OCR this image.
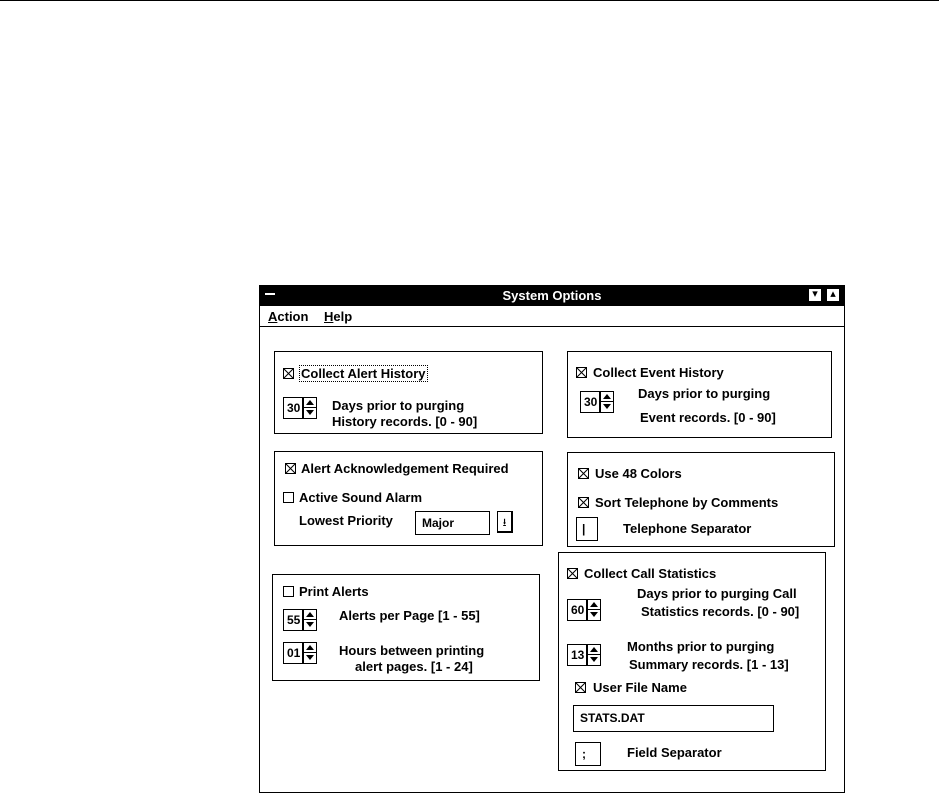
System Options	▾ ▴
Action Help
Collect Alert History
30 Days prior to purging
History records. [0 - 90]
Collect Event History
30
Days prior to purging
Event records. [0 - 90]
Alert Acknowledgement Required
Active Sound Alarm
Lowest Priority	Major	⭳
Use 48 Colors
Sort Telephone by Comments
|	Telephone Separator
Print Alerts
55	Alerts per Page [1 - 55]
01	Hours between printing
alert pages. [1 - 24]
Collect Call Statistics
60
Days prior to purging Call
Statistics records. [0 - 90]
13
Months prior to purging
Summary records. [1 - 13]
User File Name
STATS.DAT
;	Field Separator
